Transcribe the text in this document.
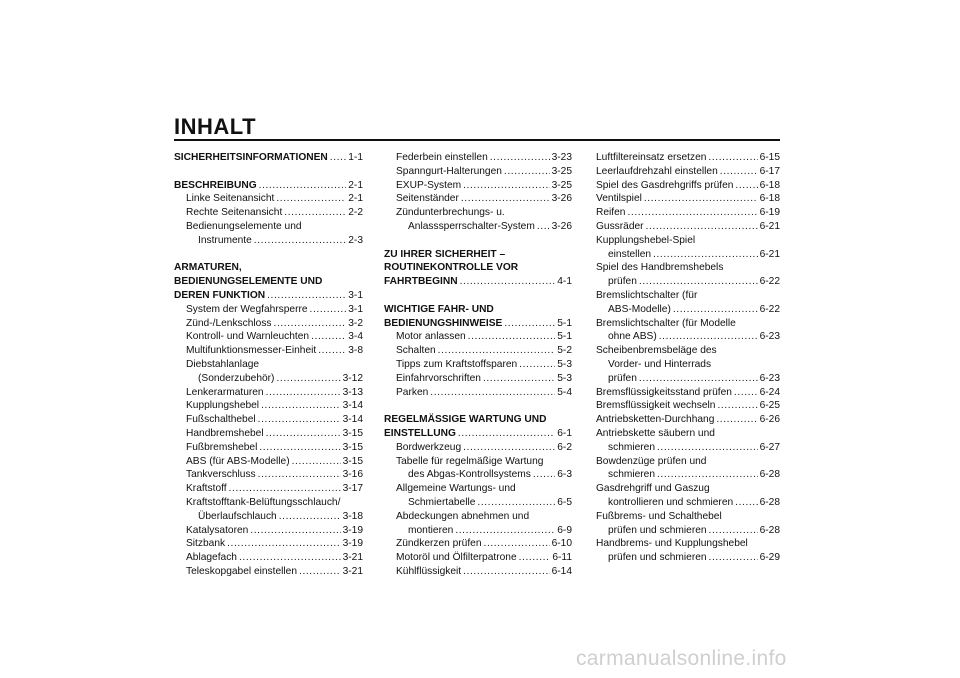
INHALT
SICHERHEITSINFORMATIONEN ..... 1-1
BESCHREIBUNG .....	2-1
Linke Seitenansicht .....	2-1
Rechte Seitenansicht .....	2-2
Bedienungselemente und
Instrumente .....	2-3
ARMATUREN,
BEDIENUNGSELEMENTE UND
DEREN FUNKTION .....	3-1
System der Wegfahrsperre .....	3-1
Zünd-/Lenkschloss .....	3-2
Kontroll- und Warnleuchten .....	3-4
Multifunktionsmesser-Einheit .....	3-8
Diebstahlanlage
(Sonderzubehör) .....	3-12
Lenkerarmaturen .....	3-13
Kupplungshebel .....	3-14
Fußschalthebel .....	3-14
Handbremshebel .....	3-15
Fußbremshebel .....	3-15
ABS (für ABS-Modelle) .....	3-15
Tankverschluss .....	3-16
Kraftstoff .....	3-17
Kraftstofftank-Belüftungsschlauch/
Überlaufschlauch .....	3-18
Katalysatoren .....	3-19
Sitzbank .....	3-19
Ablagefach .....	3-21
Teleskopgabel einstellen .....	3-21
Federbein einstellen .....	3-23
Spanngurt-Halterungen .....	3-25
EXUP-System .....	3-25
Seitenständer .....	3-26
Zündunterbrechungs- u.
Anlasssperrschalter-System ..... 3-26
ZU IHRER SICHERHEIT –
ROUTINEKONTROLLE VOR
FAHRTBEGINN .....	4-1
WICHTIGE FAHR- UND
BEDIENUNGSHINWEISE .....	5-1
Motor anlassen .....	5-1
Schalten .....	5-2
Tipps zum Kraftstoffsparen .....	5-3
Einfahrvorschriften .....	5-3
Parken .....	5-4
REGELMÄSSIGE WARTUNG UND
EINSTELLUNG .....	6-1
Bordwerkzeug .....	6-2
Tabelle für regelmäßige Wartung
des Abgas-Kontrollsystems .....	6-3
Allgemeine Wartungs- und
Schmiertabelle .....	6-5
Abdeckungen abnehmen und
montieren .....	6-9
Zündkerzen prüfen .....	6-10
Motoröl und Ölfilterpatrone .....	6-11
Kühlflüssigkeit .....	6-14
Luftfiltereinsatz ersetzen .....	6-15
Leerlaufdrehzahl einstellen .....	6-17
Spiel des Gasdrehgriffs prüfen .....	6-18
Ventilspiel .....	6-18
Reifen .....	6-19
Gussräder .....	6-21
Kupplungshebel-Spiel
einstellen .....	6-21
Spiel des Handbremshebels
prüfen .....	6-22
Bremslichtschalter (für
ABS-Modelle) .....	6-22
Bremslichtschalter (für Modelle
ohne ABS) .....	6-23
Scheibenbremsbeläge des
Vorder- und Hinterrads
prüfen .....	6-23
Bremsflüssigkeitsstand prüfen .....	6-24
Bremsflüssigkeit wechseln .....	6-25
Antriebsketten-Durchhang .....	6-26
Antriebskette säubern und
schmieren .....	6-27
Bowdenzüge prüfen und
schmieren .....	6-28
Gasdrehgriff und Gaszug
kontrollieren und schmieren .....	6-28
Fußbrems- und Schalthebel
prüfen und schmieren .....	6-28
Handbrems- und Kupplungshebel
prüfen und schmieren .....	6-29
carmanualsonline.info
